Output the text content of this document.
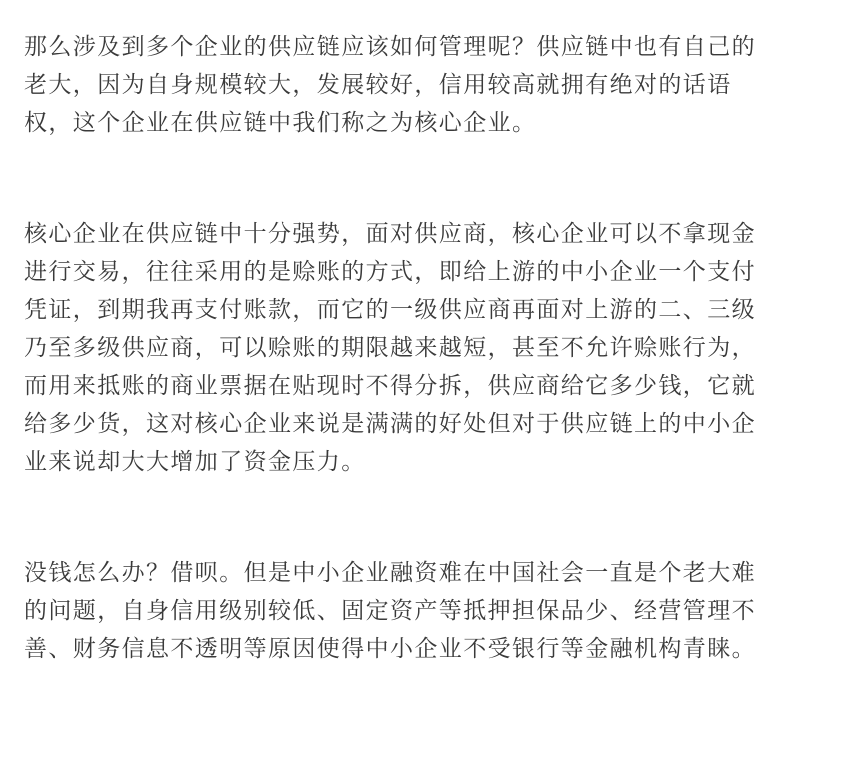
那么涉及到多个企业的供应链应该如何管理呢？供应链中也有自己的
老大，因为自身规模较大，发展较好，信用较高就拥有绝对的话语
权，这个企业在供应链中我们称之为核心企业。
核心企业在供应链中十分强势，面对供应商，核心企业可以不拿现金
进行交易，往往采用的是赊账的方式，即给上游的中小企业一个支付
凭证，到期我再支付账款，而它的一级供应商再面对上游的二、三级
乃至多级供应商，可以赊账的期限越来越短，甚至不允许赊账行为，
而用来抵账的商业票据在贴现时不得分拆，供应商给它多少钱，它就
给多少货，这对核心企业来说是满满的好处但对于供应链上的中小企
业来说却大大增加了资金压力。
没钱怎么办？借呗。但是中小企业融资难在中国社会一直是个老大难
的问题，自身信用级别较低、固定资产等抵押担保品少、经营管理不
善、财务信息不透明等原因使得中小企业不受银行等金融机构青睐。
